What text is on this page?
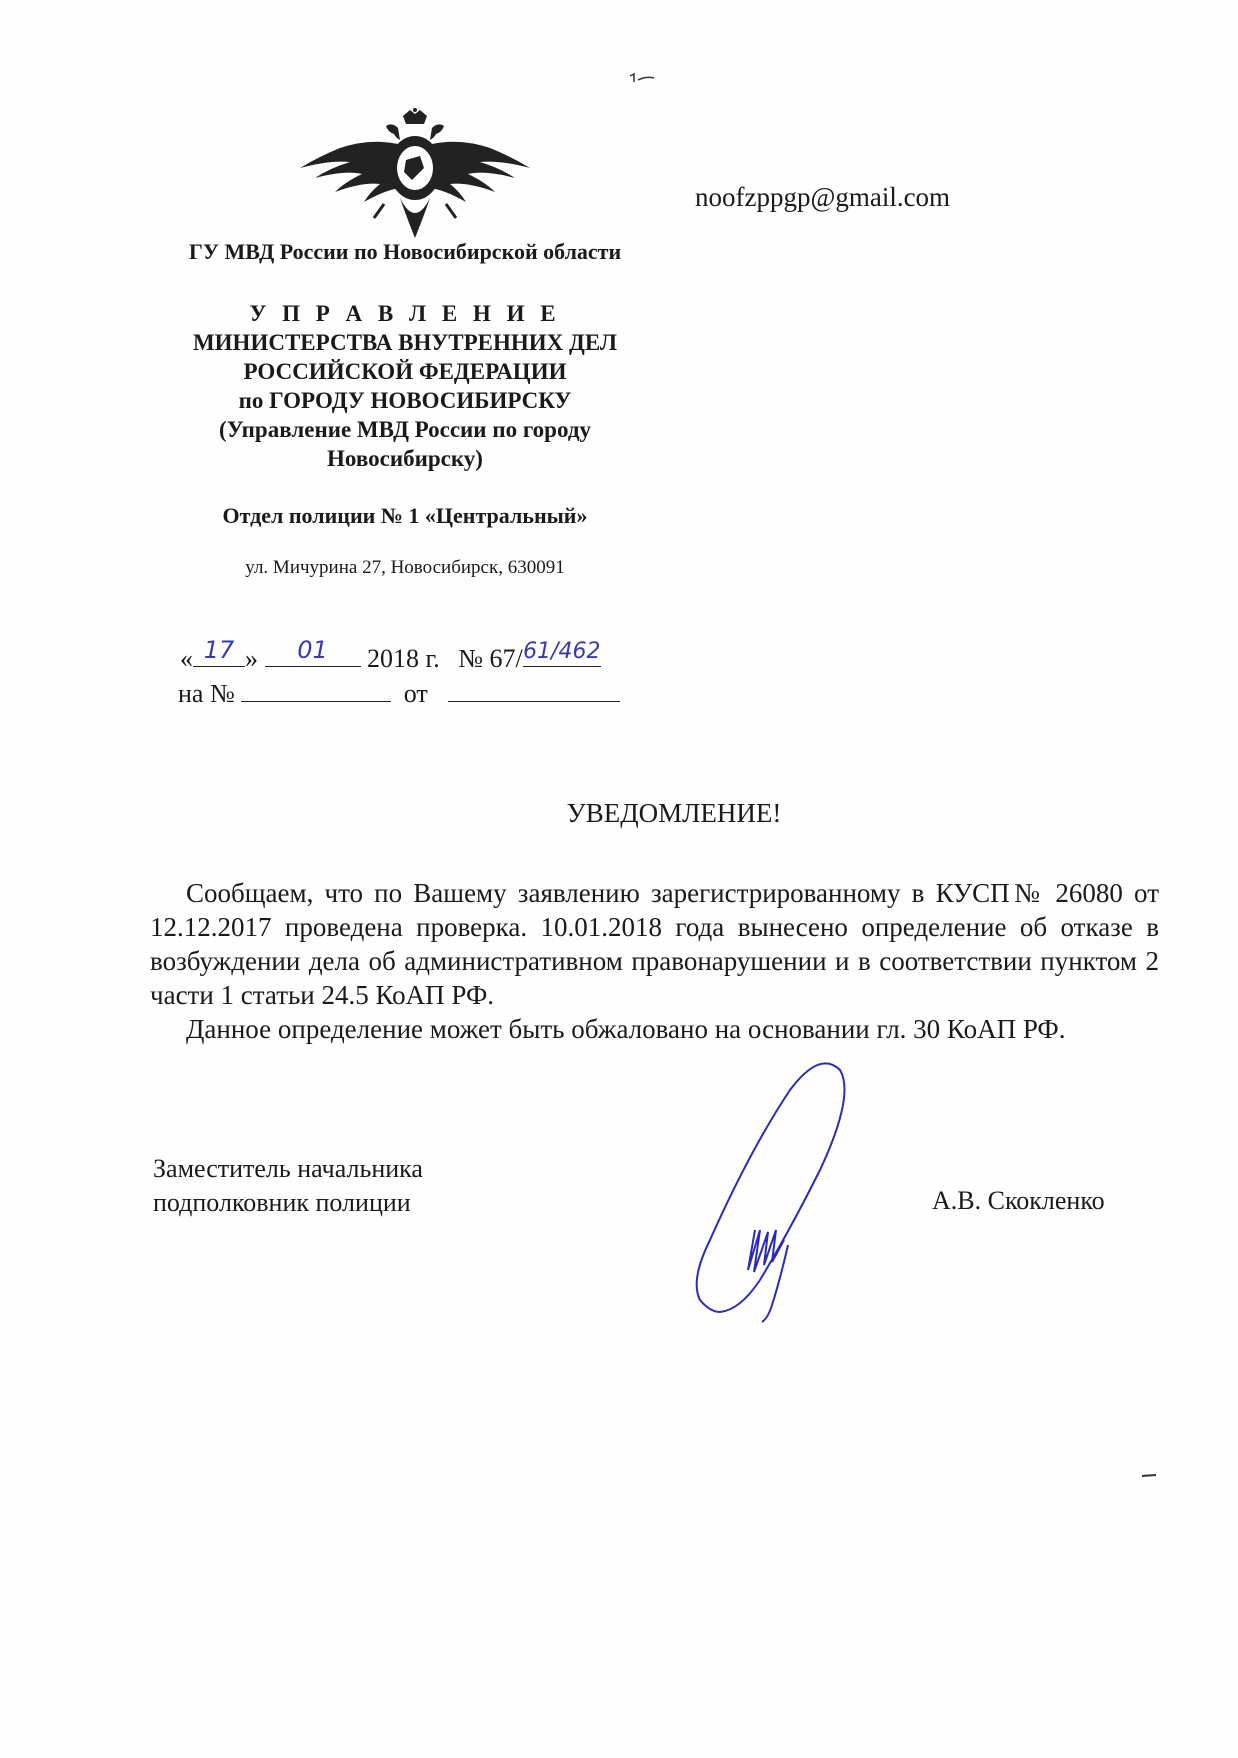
noofzppgp@gmail.com
ГУ МВД России по Новосибирской области
У П Р А В Л Е Н И Е
МИНИСТЕРСТВА ВНУТРЕННИХ ДЕЛ
РОССИЙСКОЙ ФЕДЕРАЦИИ
по ГОРОДУ НОВОСИБИРСКУ
(Управление МВД России по городу
Новосибирску)
Отдел полиции № 1 «Центральный»
ул. Мичурина 27, Новосибирск, 630091
« 17 »	01	2018 г. № 67/ 61/462
на №	от
УВЕДОМЛЕНИЕ!

Сообщаем, что по Вашему заявлению зарегистрированному в КУСП№ 26080 от 12.12.2017 проведена проверка. 10.01.2018 года вынесено определение об отказе в возбуждении дела об административном правонарушении и в соответствии пунктом 2 части 1 статьи 24.5 КоАП РФ.

Данное определение может быть обжаловано на основании гл. 30 КоАП РФ.

Заместитель начальника
подполковник полиции	А.В. Скокленко
